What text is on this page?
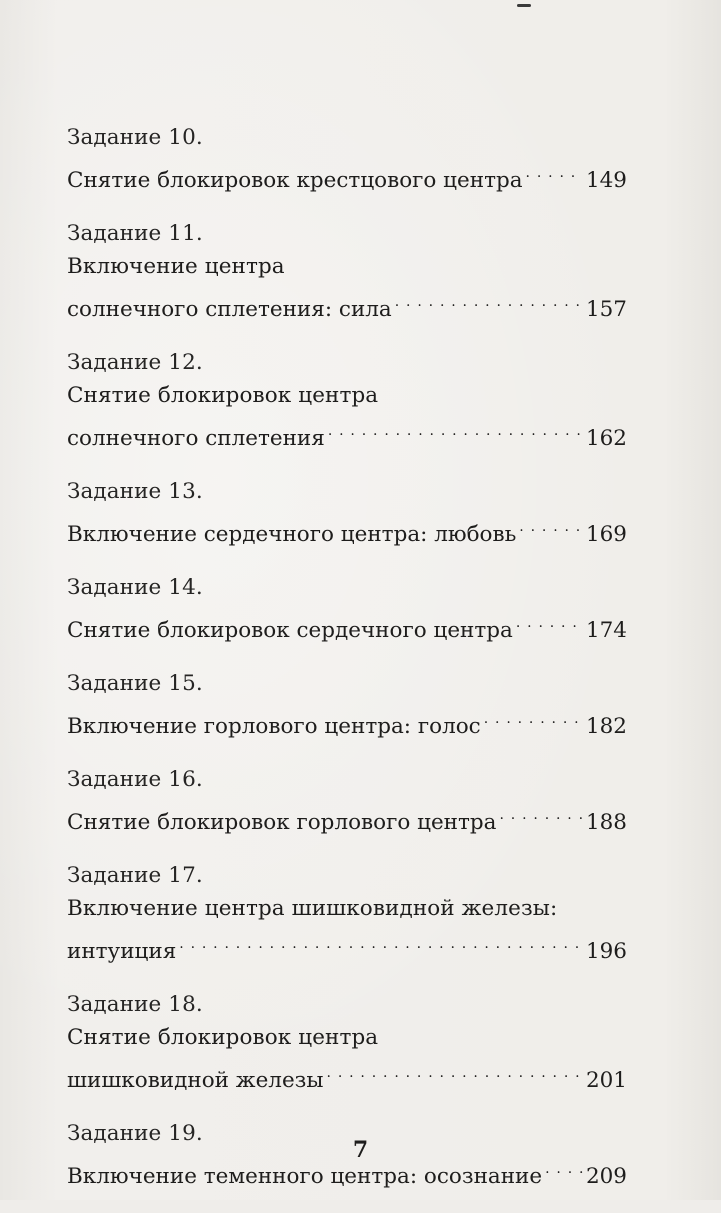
Задание 10.
Снятие блокировок крестцового центра . . .	149
Задание 11.
Включение центра
солнечного сплетения: сила . . .	157
Задание 12.
Снятие блокировок центра
солнечного сплетения . . .	162
Задание 13.
Включение сердечного центра: любовь . . .	169
Задание 14.
Снятие блокировок сердечного центра . . .	174
Задание 15.
Включение горлового центра: голос . . .	182
Задание 16.
Снятие блокировок горлового центра . . .	188
Задание 17.
Включение центра шишковидной железы:
интуиция . . .	196
Задание 18.
Снятие блокировок центра
шишковидной железы . . .	201
Задание 19.
Включение теменного центра: осознание . . . 209
7
